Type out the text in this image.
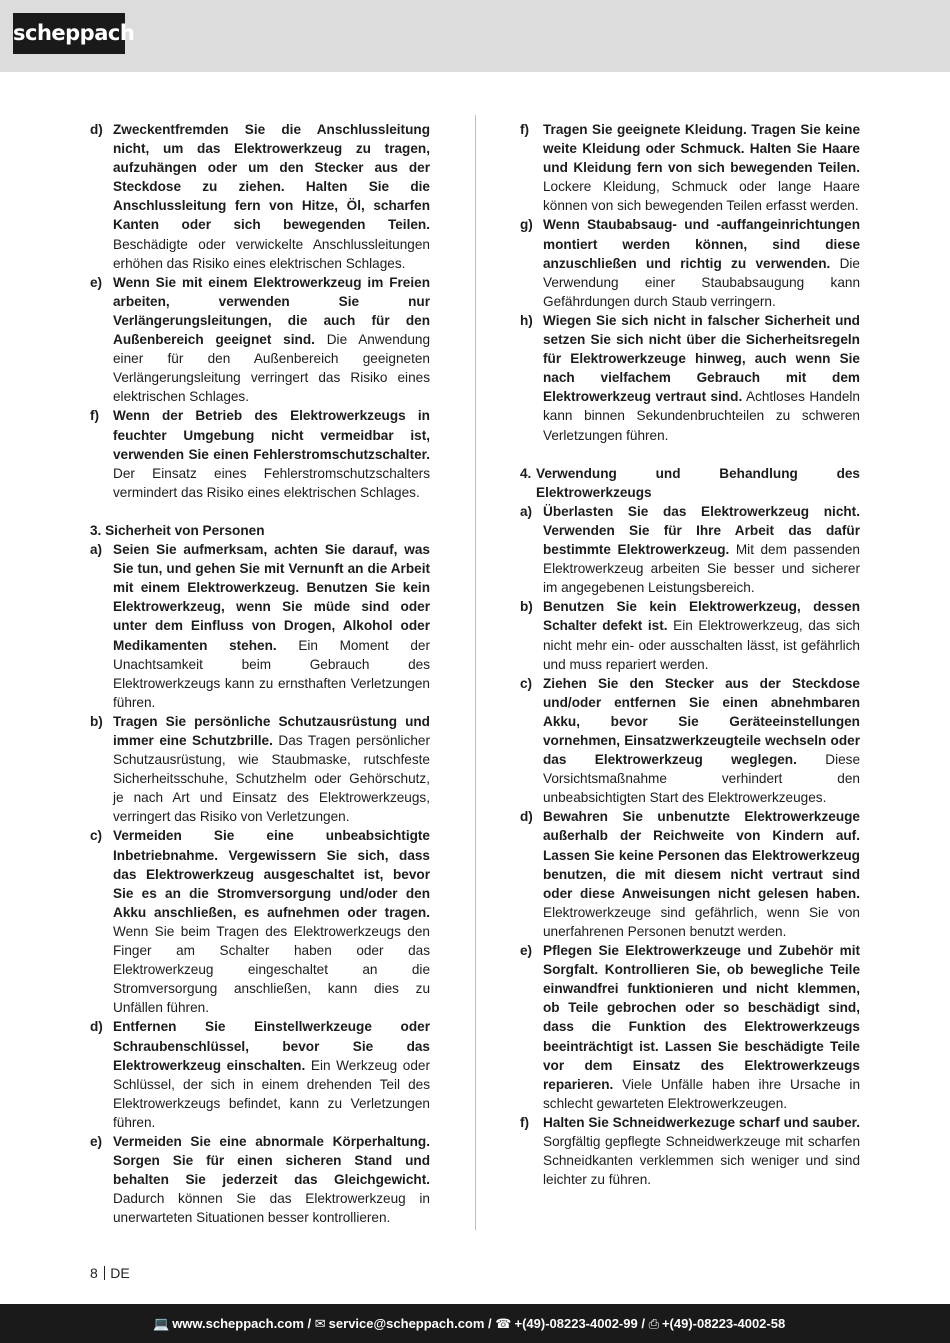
scheppach
d) Zweckentfremden Sie die Anschlussleitung nicht, um das Elektrowerkzeug zu tragen, aufzuhängen oder um den Stecker aus der Steckdose zu ziehen. Halten Sie die Anschlussleitung fern von Hitze, Öl, scharfen Kanten oder sich bewegenden Teilen. Beschädigte oder verwickelte Anschlussleitungen erhöhen das Risiko eines elektrischen Schlages.
e) Wenn Sie mit einem Elektrowerkzeug im Freien arbeiten, verwenden Sie nur Verlängerungsleitungen, die auch für den Außenbereich geeignet sind. Die Anwendung einer für den Außenbereich geeigneten Verlängerungsleitung verringert das Risiko eines elektrischen Schlages.
f)	Wenn der Betrieb des Elektrowerkzeugs in feuchter Umgebung nicht vermeidbar ist, verwenden Sie einen Fehlerstromschutzschalter. Der Einsatz eines Fehlerstromschutzschalters vermindert das Risiko eines elektrischen Schlages.
3. Sicherheit von Personen
a) Seien Sie aufmerksam, achten Sie darauf, was Sie tun, und gehen Sie mit Vernunft an die Arbeit mit einem Elektrowerkzeug. Benutzen Sie kein Elektrowerkzeug, wenn Sie müde sind oder unter dem Einfluss von Drogen, Alkohol oder Medikamenten stehen. Ein Moment der Unachtsamkeit beim Gebrauch des Elektrowerkzeugs kann zu ernsthaften Verletzungen führen.
b) Tragen Sie persönliche Schutzausrüstung und immer eine Schutzbrille. Das Tragen persönlicher Schutzausrüstung, wie Staubmaske, rutschfeste Sicherheitsschuhe, Schutzhelm oder Gehörschutz, je nach Art und Einsatz des Elektrowerkzeugs, verringert das Risiko von Verletzungen.
c) Vermeiden Sie eine unbeabsichtigte Inbetriebnahme. Vergewissern Sie sich, dass das Elektrowerkzeug ausgeschaltet ist, bevor Sie es an die Stromversorgung und/oder den Akku anschließen, es aufnehmen oder tragen. Wenn Sie beim Tragen des Elektrowerkzeugs den Finger am Schalter haben oder das Elektrowerkzeug eingeschaltet an die Stromversorgung anschließen, kann dies zu Unfällen führen.
d) Entfernen Sie Einstellwerkzeuge oder Schraubenschlüssel, bevor Sie das Elektrowerkzeug einschalten. Ein Werkzeug oder Schlüssel, der sich in einem drehenden Teil des Elektrowerkzeugs befindet, kann zu Verletzungen führen.
e) Vermeiden Sie eine abnormale Körperhaltung. Sorgen Sie für einen sicheren Stand und behalten Sie jederzeit das Gleichgewicht. Dadurch können Sie das Elektrowerkzeug in unerwarteten Situationen besser kontrollieren.
f)	Tragen Sie geeignete Kleidung. Tragen Sie keine weite Kleidung oder Schmuck. Halten Sie Haare und Kleidung fern von sich bewegenden Teilen. Lockere Kleidung, Schmuck oder lange Haare können von sich bewegenden Teilen erfasst werden.
g) Wenn Staubabsaug- und -auffangeinrichtungen montiert werden können, sind diese anzuschließen und richtig zu verwenden. Die Verwendung einer Staubabsaugung kann Gefährdungen durch Staub verringern.
h) Wiegen Sie sich nicht in falscher Sicherheit und setzen Sie sich nicht über die Sicherheitsregeln für Elektrowerkzeuge hinweg, auch wenn Sie nach vielfachem Gebrauch mit dem Elektrowerkzeug vertraut sind. Achtloses Handeln kann binnen Sekundenbruchteilen zu schweren Verletzungen führen.
4. Verwendung und Behandlung des Elektrowerkzeugs
a) Überlasten Sie das Elektrowerkzeug nicht. Verwenden Sie für Ihre Arbeit das dafür bestimmte Elektrowerkzeug. Mit dem passenden Elektrowerkzeug arbeiten Sie besser und sicherer im angegebenen Leistungsbereich.
b) Benutzen Sie kein Elektrowerkzeug, dessen Schalter defekt ist. Ein Elektrowerkzeug, das sich nicht mehr ein- oder ausschalten lässt, ist gefährlich und muss repariert werden.
c) Ziehen Sie den Stecker aus der Steckdose und/oder entfernen Sie einen abnehmbaren Akku, bevor Sie Geräteeinstellungen vornehmen, Einsatzwerkzeugteile wechseln oder das Elektrowerkzeug weglegen. Diese Vorsichtsmaßnahme verhindert den unbeabsichtigten Start des Elektrowerkzeuges.
d) Bewahren Sie unbenutzte Elektrowerkzeuge außerhalb der Reichweite von Kindern auf. Lassen Sie keine Personen das Elektrowerkzeug benutzen, die mit diesem nicht vertraut sind oder diese Anweisungen nicht gelesen haben. Elektrowerkzeuge sind gefährlich, wenn Sie von unerfahrenen Personen benutzt werden.
e) Pflegen Sie Elektrowerkzeuge und Zubehör mit Sorgfalt. Kontrollieren Sie, ob bewegliche Teile einwandfrei funktionieren und nicht klemmen, ob Teile gebrochen oder so beschädigt sind, dass die Funktion des Elektrowerkzeugs beeinträchtigt ist. Lassen Sie beschädigte Teile vor dem Einsatz des Elektrowerkzeugs reparieren. Viele Unfälle haben ihre Ursache in schlecht gewarteten Elektrowerkzeugen.
f)	Halten Sie Schneidwerkezuge scharf und sauber. Sorgfältig gepflegte Schneidwerkzeuge mit scharfen Schneidkanten verklemmen sich weniger und sind leichter zu führen.
8 DE
💻 www.scheppach.com / ✉ service@scheppach.com / ☎ +(49)-08223-4002-99 / ⎙ +(49)-08223-4002-58
